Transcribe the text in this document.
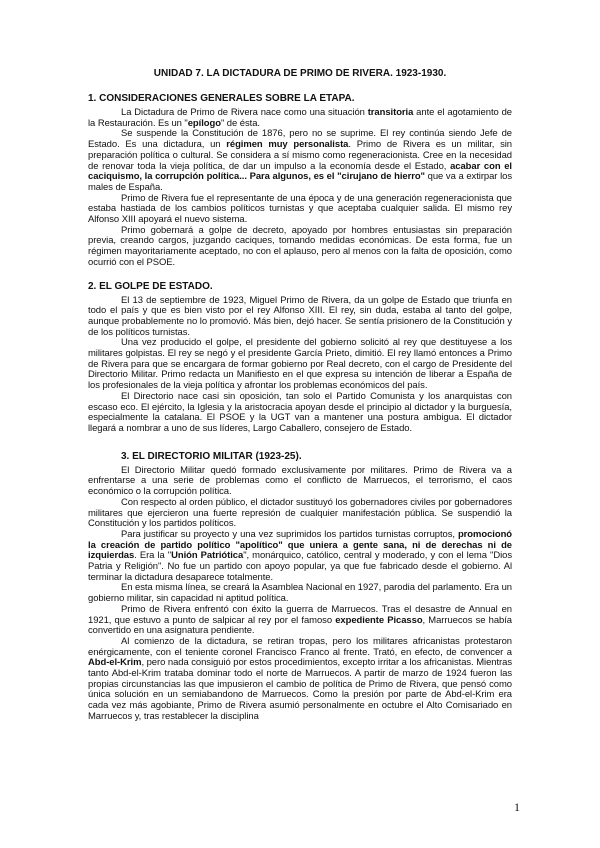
UNIDAD 7. LA DICTADURA DE PRIMO DE RIVERA. 1923-1930.
1. CONSIDERACIONES GENERALES SOBRE LA ETAPA.

La Dictadura de Primo de Rivera nace como una situación transitoria ante el agotamiento de la Restauración. Es un "epílogo" de ésta.

Se suspende la Constitución de 1876, pero no se suprime. El rey continúa siendo Jefe de Estado. Es una dictadura, un régimen muy personalista. Primo de Rivera es un militar, sin preparación política o cultural. Se considera a sí mismo como regeneracionista. Cree en la necesidad de renovar toda la vieja política, de dar un impulso a la economía desde el Estado, acabar con el caciquismo, la corrupción política... Para algunos, es el "cirujano de hierro" que va a extirpar los males de España.

Primo de Rivera fue el representante de una época y de una generación regeneracionista que estaba hastiada de los cambios políticos turnistas y que aceptaba cualquier salida. El mismo rey Alfonso XIII apoyará el nuevo sistema.

Primo gobernará a golpe de decreto, apoyado por hombres entusiastas sin preparación previa, creando cargos, juzgando caciques, tomando medidas económicas. De esta forma, fue un régimen mayoritariamente aceptado, no con el aplauso, pero al menos con la falta de oposición, como ocurrió con el PSOE.

2. EL GOLPE DE ESTADO.

El 13 de septiembre de 1923, Miguel Primo de Rivera, da un golpe de Estado que triunfa en todo el país y que es bien visto por el rey Alfonso XIII. El rey, sin duda, estaba al tanto del golpe, aunque probablemente no lo promovió. Más bien, dejó hacer. Se sentía prisionero de la Constitución y de los políticos turnistas.

Una vez producido el golpe, el presidente del gobierno solicitó al rey que destituyese a los militares golpistas. El rey se negó y el presidente García Prieto, dimitió. El rey llamó entonces a Primo de Rivera para que se encargara de formar gobierno por Real decreto, con el cargo de Presidente del Directorio Militar. Primo redacta un Manifiesto en el que expresa su intención de liberar a España de los profesionales de la vieja política y afrontar los problemas económicos del país.

El Directorio nace casi sin oposición, tan solo el Partido Comunista y los anarquistas con escaso eco. El ejército, la Iglesia y la aristocracia apoyan desde el principio al dictador y la burguesía, especialmente la catalana. El PSOE y la UGT van a mantener una postura ambigua. El dictador llegará a nombrar a uno de sus líderes, Largo Caballero, consejero de Estado.

3. EL DIRECTORIO MILITAR (1923-25).

El Directorio Militar quedó formado exclusivamente por militares. Primo de Rivera va a enfrentarse a una serie de problemas como el conflicto de Marruecos, el terrorismo, el caos económico o la corrupción política.

Con respecto al orden público, el dictador sustituyó los gobernadores civiles por gobernadores militares que ejercieron una fuerte represión de cualquier manifestación pública. Se suspendió la Constitución y los partidos políticos.

Para justificar su proyecto y una vez suprimidos los partidos turnistas corruptos, promocionó la creación de partido político "apolítico" que uniera a gente sana, ni de derechas ni de izquierdas. Era la "Unión Patriótica", monárquico, católico, central y moderado, y con el lema "Dios Patria y Religión". No fue un partido con apoyo popular, ya que fue fabricado desde el gobierno. Al terminar la dictadura desaparece totalmente.

En esta misma línea, se creará la Asamblea Nacional en 1927, parodia del parlamento. Era un gobierno militar, sin capacidad ni aptitud política.

Primo de Rivera enfrentó con éxito la guerra de Marruecos. Tras el desastre de Annual en 1921, que estuvo a punto de salpicar al rey por el famoso expediente Picasso, Marruecos se había convertido en una asignatura pendiente.

Al comienzo de la dictadura, se retiran tropas, pero los militares africanistas protestaron enérgicamente, con el teniente coronel Francisco Franco al frente. Trató, en efecto, de convencer a Abd-el-Krim, pero nada consiguió por estos procedimientos, excepto irritar a los africanistas. Mientras tanto Abd-el-Krim trataba dominar todo el norte de Marruecos. A partir de marzo de 1924 fueron las propias circunstancias las que impusieron el cambio de política de Primo de Rivera, que pensó como única solución en un semiabandono de Marruecos. Como la presión por parte de Abd-el-Krim era cada vez más agobiante, Primo de Rivera asumió personalmente en octubre el Alto Comisariado en Marruecos y, tras restablecer la disciplina

1
